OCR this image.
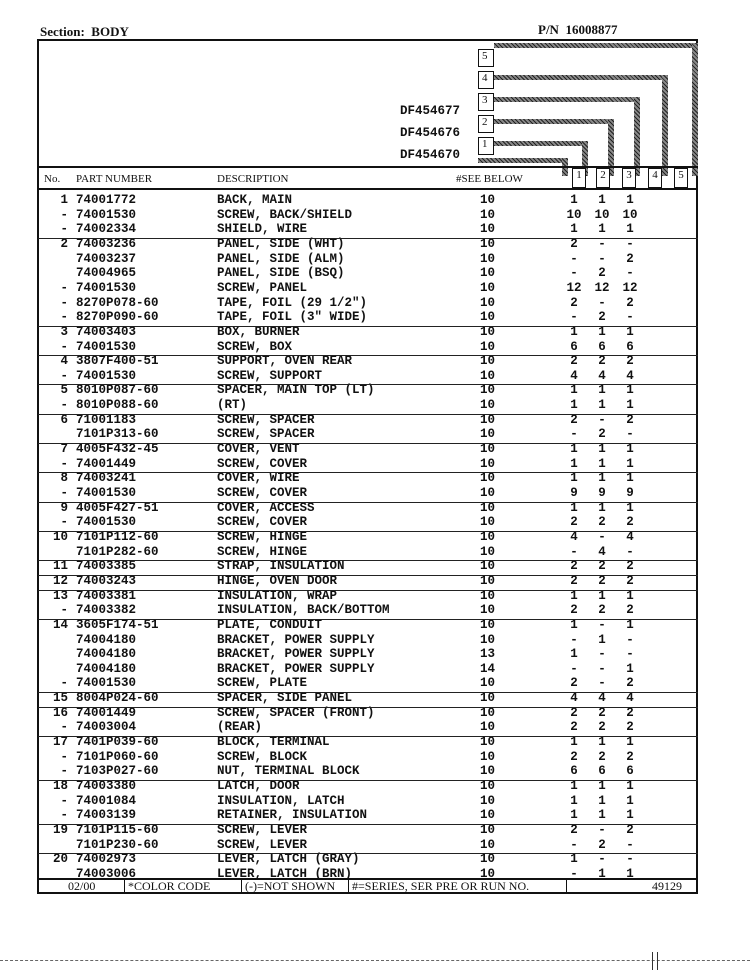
Section: BODY	P/N 16008877
DF454677
DF454676
DF454670
5
4
3
2
1
No. PART NUMBER	DESCRIPTION	#SEE BELOW	1	2	3	4	5
1 74001772	BACK, MAIN	10	1	1	1
- 74001530	SCREW, BACK/SHIELD	10	10	10	10
- 74002334	SHIELD, WIRE	10	1	1	1
2 74003236	PANEL, SIDE (WHT)	10	2	-	-
74003237	PANEL, SIDE (ALM)	10	-	-	2
74004965	PANEL, SIDE (BSQ)	10	-	2	-
- 74001530	SCREW, PANEL	10	12	12	12
- 8270P078-60	TAPE, FOIL (29 1/2")	10	2	-	2
- 8270P090-60	TAPE, FOIL (3" WIDE)	10	-	2	-
3 74003403	BOX, BURNER	10	1	1	1
- 74001530	SCREW, BOX	10	6	6	6
4 3807F400-51	SUPPORT, OVEN REAR	10	2	2	2
- 74001530	SCREW, SUPPORT	10	4	4	4
5 8010P087-60	SPACER, MAIN TOP (LT)	10	1	1	1
- 8010P088-60	(RT)	10	1	1	1
6 71001183	SCREW, SPACER	10	2	-	2
7101P313-60	SCREW, SPACER	10	-	2	-
7 4005F432-45	COVER, VENT	10	1	1	1
- 74001449	SCREW, COVER	10	1	1	1
8 74003241	COVER, WIRE	10	1	1	1
- 74001530	SCREW, COVER	10	9	9	9
9 4005F427-51	COVER, ACCESS	10	1	1	1
- 74001530	SCREW, COVER	10	2	2	2
10 7101P112-60	SCREW, HINGE	10	4	-	4
7101P282-60	SCREW, HINGE	10	-	4	-
11 74003385	STRAP, INSULATION	10	2	2	2
12 74003243	HINGE, OVEN DOOR	10	2	2	2
13 74003381	INSULATION, WRAP	10	1	1	1
- 74003382	INSULATION, BACK/BOTTOM	10	2	2	2
14 3605F174-51	PLATE, CONDUIT	10	1	-	1
74004180	BRACKET, POWER SUPPLY	10	-	1	-
74004180	BRACKET, POWER SUPPLY	13	1	-	-
74004180	BRACKET, POWER SUPPLY	14	-	-	1
- 74001530	SCREW, PLATE	10	2	-	2
15 8004P024-60	SPACER, SIDE PANEL	10	4	4	4
16 74001449	SCREW, SPACER (FRONT)	10	2	2	2
- 74003004	(REAR)	10	2	2	2
17 7401P039-60	BLOCK, TERMINAL	10	1	1	1
- 7101P060-60	SCREW, BLOCK	10	2	2	2
- 7103P027-60	NUT, TERMINAL BLOCK	10	6	6	6
18 74003380	LATCH, DOOR	10	1	1	1
- 74001084	INSULATION, LATCH	10	1	1	1
- 74003139	RETAINER, INSULATION	10	1	1	1
19 7101P115-60	SCREW, LEVER	10	2	-	2
7101P230-60	SCREW, LEVER	10	-	2	-
20 74002973	LEVER, LATCH (GRAY)	10	1	-	-
74003006	LEVER, LATCH (BRN)	10	-	1	1
02/00	*COLOR CODE	(-)=NOT SHOWN	#=SERIES, SER PRE OR RUN NO.	49129
